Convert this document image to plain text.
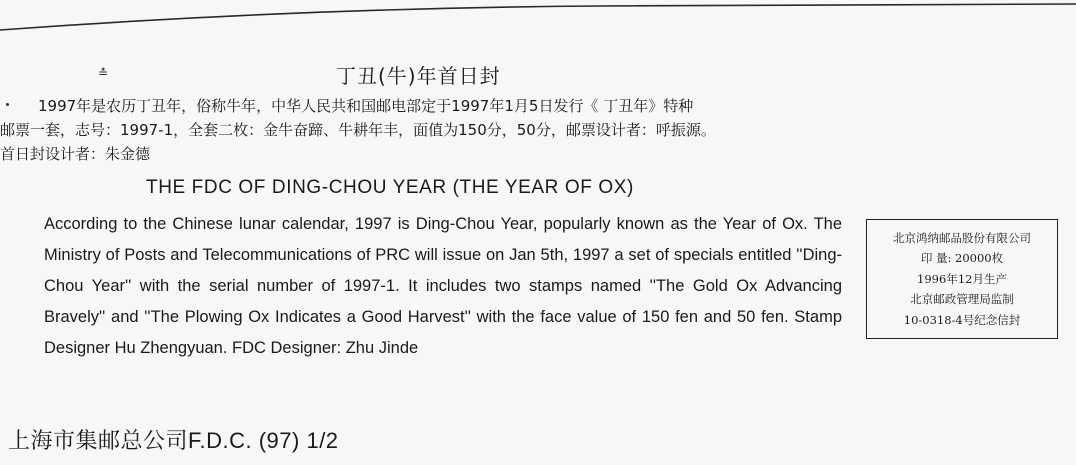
≛	丁丑(牛)年首日封
1997年是农历丁丑年，俗称牛年，中华人民共和国邮电部定于1997年1月5日发行《 丁丑年》特种
邮票一套，志号：1997-1，全套二枚：金牛奋蹄、牛耕年丰，面值为150分，50分，邮票设计者：呼振源。
首日封设计者：朱金德
THE FDC OF DING-CHOU YEAR (THE YEAR OF OX)
According to the Chinese lunar calendar, 1997 is Ding-Chou Year, popularly known as the Year of Ox. The Ministry of Posts and Telecommunications of PRC will issue on Jan 5th, 1997 a set of specials entitled ''Ding-Chou Year'' with the serial number of 1997-1. It includes two stamps named ''The Gold Ox Advancing Bravely'' and ''The Plowing Ox Indicates a Good Harvest'' with the face value of 150 fen and 50 fen. Stamp Designer Hu Zhengyuan. FDC Designer: Zhu Jinde
北京鸿纳邮品股份有限公司
印 量: 20000枚
1996年12月生产
北京邮政管理局监制
10-0318-4号纪念信封
上海市集邮总公司F.D.C. (97) 1/2
